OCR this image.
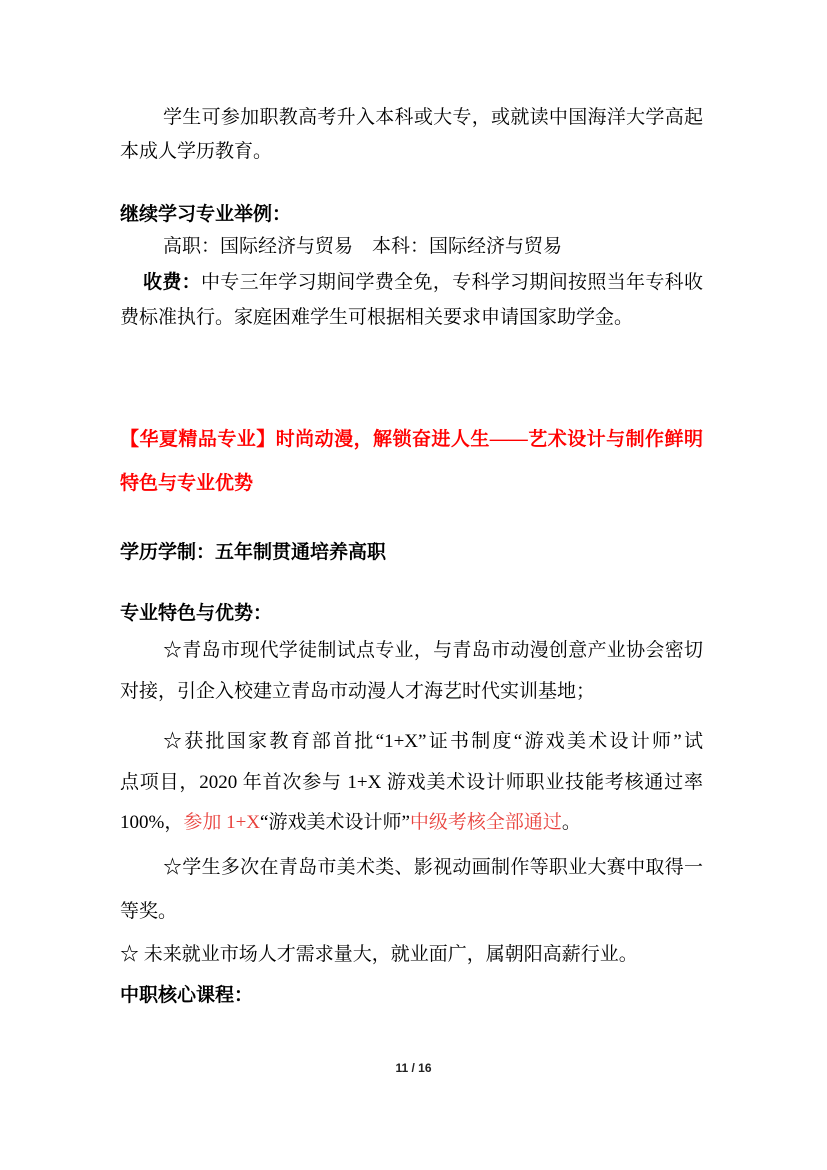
学生可参加职教高考升入本科或大专，或就读中国海洋大学高起
本成人学历教育。
继续学习专业举例：
高职：国际经济与贸易　本科：国际经济与贸易
收费：中专三年学习期间学费全免，专科学习期间按照当年专科收
费标准执行。家庭困难学生可根据相关要求申请国家助学金。
【华夏精品专业】时尚动漫，解锁奋进人生——艺术设计与制作鲜明
特色与专业优势
学历学制：五年制贯通培养高职
专业特色与优势：
☆青岛市现代学徒制试点专业，与青岛市动漫创意产业协会密切
对接，引企入校建立青岛市动漫人才海艺时代实训基地；
☆获批国家教育部首批“1+X”证书制度“游戏美术设计师”试
点项目，2020 年首次参与 1+X 游戏美术设计师职业技能考核通过率
100%，参加 1+X“游戏美术设计师”中级考核全部通过。
☆学生多次在青岛市美术类、影视动画制作等职业大赛中取得一
等奖。
☆ 未来就业市场人才需求量大，就业面广，属朝阳高薪行业。
中职核心课程：
11 / 16
